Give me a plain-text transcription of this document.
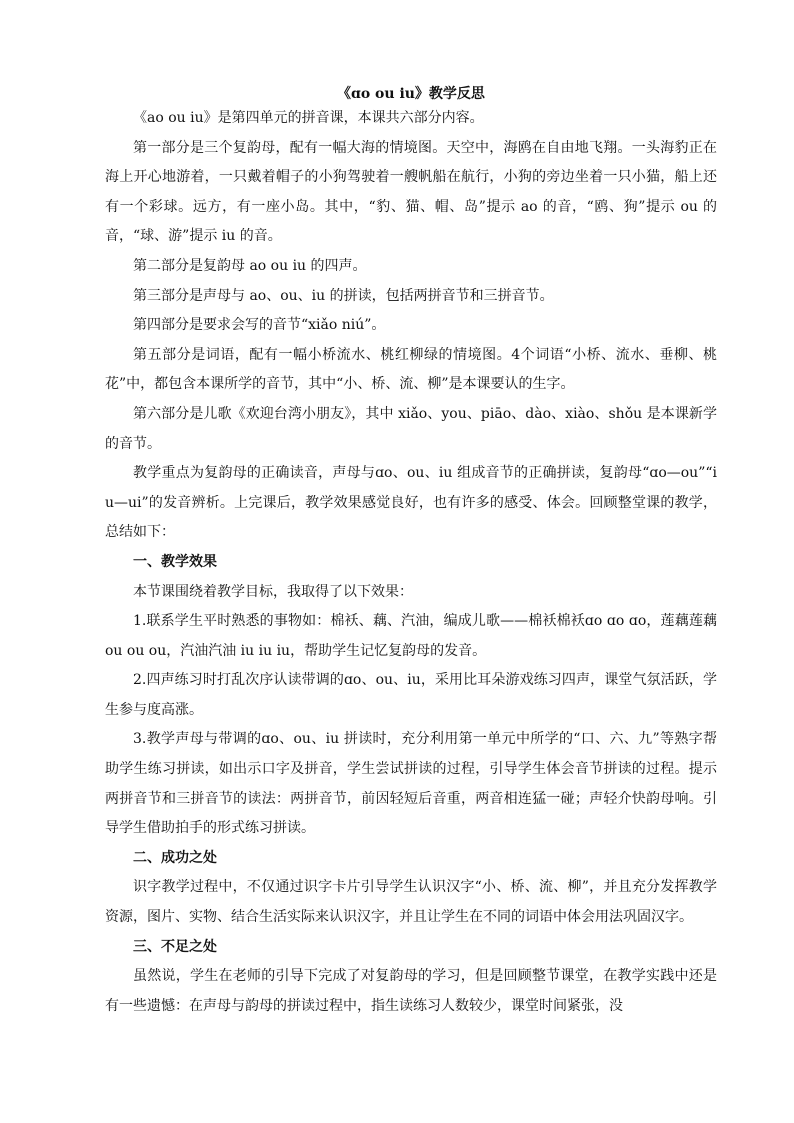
《ɑo ou iu》教学反思

《ao ou iu》是第四单元的拼音课，本课共六部分内容。

第一部分是三个复韵母，配有一幅大海的情境图。天空中，海鸥在自由地飞翔。一头海豹正在海上开心地游着，一只戴着帽子的小狗驾驶着一艘帆船在航行，小狗的旁边坐着一只小猫，船上还有一个彩球。远方，有一座小岛。其中，“豹、猫、帽、岛”提示 ao 的音，“鸥、狗”提示 ou 的音，“球、游”提示 iu 的音。

第二部分是复韵母 ao ou iu 的四声。

第三部分是声母与 ao、ou、iu 的拼读，包括两拼音节和三拼音节。

第四部分是要求会写的音节“xiǎo niú”。

第五部分是词语，配有一幅小桥流水、桃红柳绿的情境图。4个词语“小桥、流水、垂柳、桃花”中，都包含本课所学的音节，其中“小、桥、流、柳”是本课要认的生字。

第六部分是儿歌《欢迎台湾小朋友》，其中 xiǎo、you、piāo、dào、xiào、shǒu 是本课新学的音节。

教学重点为复韵母的正确读音，声母与ɑo、ou、iu 组成音节的正确拼读，复韵母“ɑo—ou”“iu—ui”的发音辨析。上完课后，教学效果感觉良好，也有许多的感受、体会。回顾整堂课的教学，总结如下：

一、教学效果

本节课围绕着教学目标，我取得了以下效果：

1.联系学生平时熟悉的事物如：棉袄、藕、汽油，编成儿歌——棉袄棉袄ɑo ɑo ɑo，莲藕莲藕 ou ou ou，汽油汽油 iu iu iu，帮助学生记忆复韵母的发音。

2.四声练习时打乱次序认读带调的ɑo、ou、iu，采用比耳朵游戏练习四声，课堂气氛活跃，学生参与度高涨。

3.教学声母与带调的ɑo、ou、iu 拼读时，充分利用第一单元中所学的“口、六、九”等熟字帮助学生练习拼读，如出示口字及拼音，学生尝试拼读的过程，引导学生体会音节拼读的过程。提示两拼音节和三拼音节的读法：两拼音节，前因轻短后音重，两音相连猛一碰；声轻介快韵母响。引导学生借助拍手的形式练习拼读。

二、成功之处

识字教学过程中，不仅通过识字卡片引导学生认识汉字“小、桥、流、柳”，并且充分发挥教学资源，图片、实物、结合生活实际来认识汉字，并且让学生在不同的词语中体会用法巩固汉字。

三、不足之处

虽然说，学生在老师的引导下完成了对复韵母的学习，但是回顾整节课堂，在教学实践中还是有一些遗憾：在声母与韵母的拼读过程中，指生读练习人数较少，课堂时间紧张，没
